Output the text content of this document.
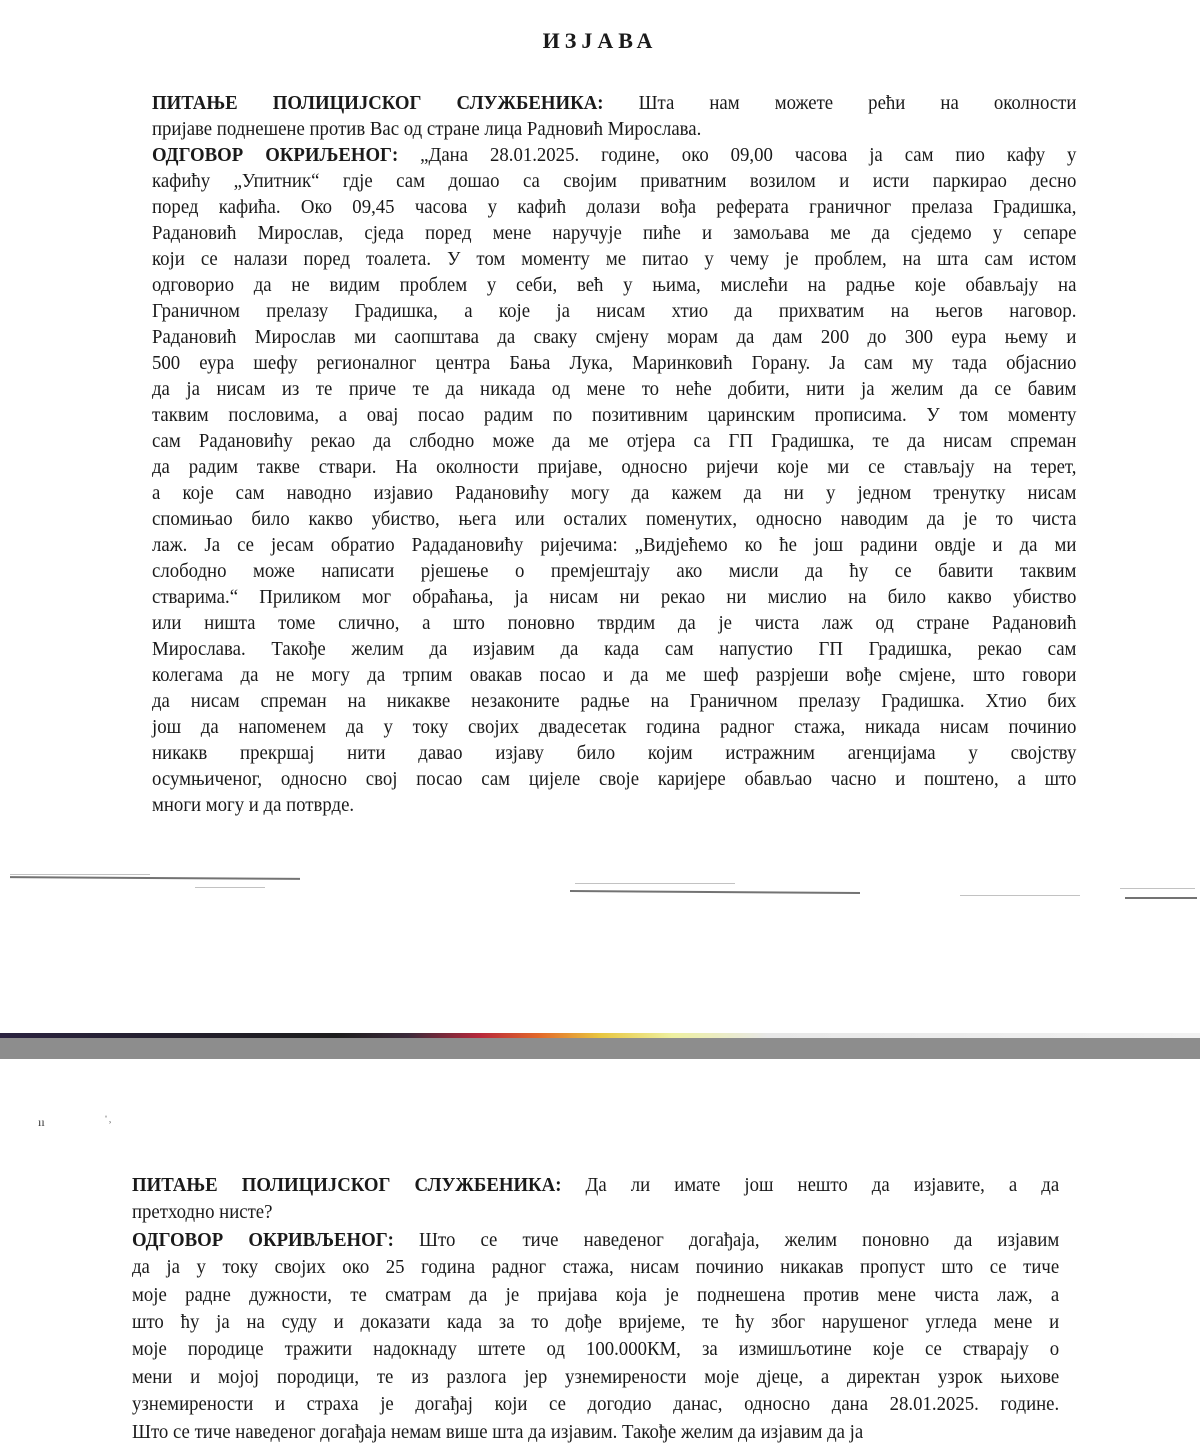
ИЗЈАВА
ПИТАЊЕ ПОЛИЦИЈСКОГ СЛУЖБЕНИКА: Шта нам можете рећи на околности
пријаве поднешене против Вас од стране лица Радновић Мирослава.
ОДГОВОР ОКРИЉЕНОГ: „Дана 28.01.2025. године, око 09,00 часова ја сам пио кафу у
кафићу „Упитник“ гдје сам дошао са својим приватним возилом и исти паркирао десно
поред кафића. Око 09,45 часова у кафић долази вођа реферата граничног прелаза Градишка,
Радановић Мирослав, сједа поред мене наручује пиће и замољава ме да сједемо у сепаре
који се налази поред тоалета. У том моменту ме питао у чему је проблем, на шта сам истом
одговорио да не видим проблем у себи, већ у њима, мислећи на радње које обављају на
Граничном прелазу Градишка, а које ја нисам хтио да прихватим на његов наговор.
Радановић Мирослав ми саопштава да сваку смјену морам да дам 200 до 300 еура њему и
500 еура шефу регионалног центра Бања Лука, Маринковић Горану. Ја сам му тада објаснио
да ја нисам из те приче те да никада од мене то неће добити, нити ја желим да се бавим
таквим пословима, а овај посао радим по позитивним царинским прописима. У том моменту
сам Радановићу рекао да слбодно може да ме отјера са ГП Градишка, те да нисам спреман
да радим такве ствари. На околности пријаве, односно ријечи које ми се стављају на терет,
а које сам наводно изјавио Радановићу могу да кажем да ни у једном тренутку нисам
спомињао било какво убиство, њега или осталих поменутих, односно наводим да је то чиста
лаж. Ја се јесам обратио Рададановићу ријечима: „Видјећемо ко ће још радини овдје и да ми
слободно може написати рјешење о премјештају ако мисли да ћу се бавити таквим
стварима.“ Приликом мог обраћања, ја нисам ни рекао ни мислио на било какво убиство
или ништа томе слично, а што поновно тврдим да је чиста лаж од стране Радановић
Мирослава. Такође желим да изјавим да када сам напустио ГП Градишка, рекао сам
колегама да не могу да трпим овакав посао и да ме шеф разрјеши вође смјене, што говори
да нисам спреман на никакве незаконите радње на Граничном прелазу Градишка. Хтио бих
још да напоменем да у току својих двадесетак година радног стажа, никада нисам починио
никакв прекршај нити давао изјаву било којим истражним агенцијама у својству
осумњиченог, односно свој посао сам цијеле своје каријере обављао часно и поштено, а што
многи могу и да потврде.
ıı	ˈ˒
ПИТАЊЕ ПОЛИЦИЈСКОГ СЛУЖБЕНИКА: Да ли имате још нешто да изјавите, а да
претходно нисте?
ОДГОВОР ОКРИВЉЕНОГ: Што се тиче наведеног догађаја, желим поновно да изјавим
да ја у току својих око 25 година радног стажа, нисам починио никакав пропуст што се тиче
моје радне дужности, те сматрам да је пријава која је поднешена против мене чиста лаж, а
што ћу ја на суду и доказати када за то дође вријеме, те ћу због нарушеног угледа мене и
моје породице тражити надокнаду штете од 100.000КМ, за измишљотине које се стварају о
мени и мојој породици, те из разлога јер узнемирености моје дјеце, а директан узрок њихове
узнемирености и страха је догађај који се догодио данас, односно дана 28.01.2025. године.
Што се тиче наведеног догађаја немам више шта да изјавим. Такође желим да изјавим да ја
